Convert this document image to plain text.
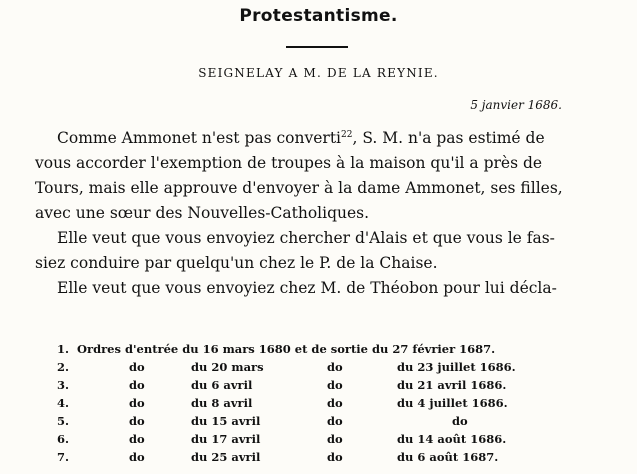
Protestantisme.
SEIGNELAY A M. DE LA REYNIE.
5 janvier 1686.
Comme Ammonet n'est pas converti$^{22}$, S. M. n'a pas estimé de
vous accorder l'exemption de troupes à la maison qu'il a près de
Tours, mais elle approuve d'envoyer à la dame Ammonet, ses filles,
avec une sœur des Nouvelles-Catholiques.
Elle veut que vous envoyiez chercher d'Alais et que vous le fas-
siez conduire par quelqu'un chez le P. de la Chaise.
Elle veut que vous envoyiez chez M. de Théobon pour lui décla-
1. Ordres d'entrée du 16 mars 1680 et de sortie du 27 février 1687.
2.	do	du 20 mars	do	du 23 juillet 1686.
3.	do	du 6 avril	do	du 21 avril 1686.
4.	do	du 8 avril	do	du 4 juillet 1686.
5.	do	du 15 avril	do	do
6.	do	du 17 avril	do	du 14 août 1686.
7.	do	du 25 avril	do	du 6 août 1687.
